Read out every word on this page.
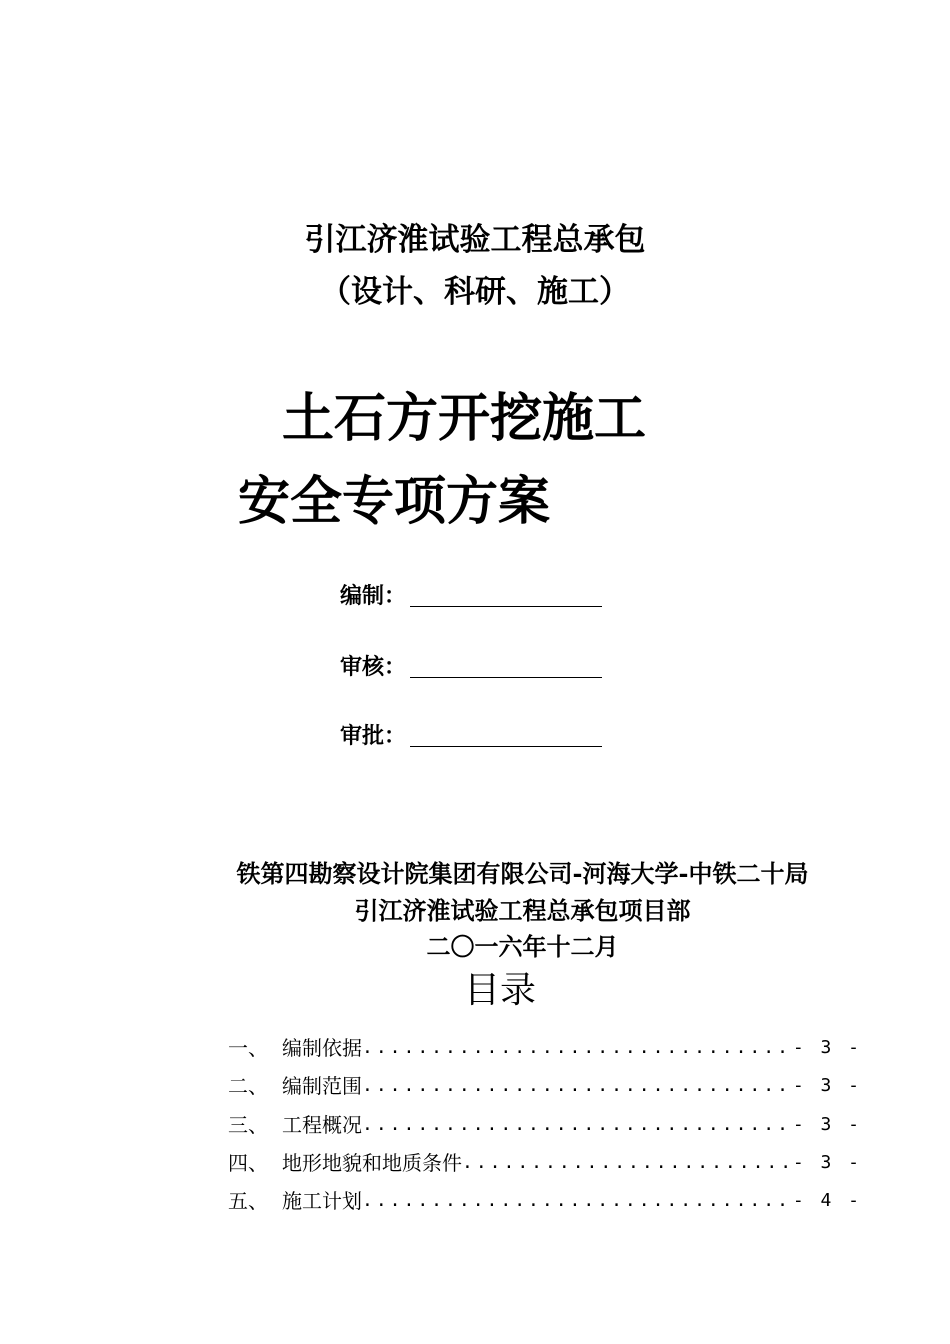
引江济淮试验工程总承包
（设计、科研、施工）
土石方开挖施工
安全专项方案
编制：
审核：
审批：
铁第四勘察设计院集团有限公司-河海大学-中铁二十局
引江济淮试验工程总承包项目部
二〇一六年十二月
目录
一、 编制依据 .....	- 3 -
二、 编制范围 .....	- 3 -
三、 工程概况 .....	- 3 -
四、 地形地貌和地质条件 .....	- 3 -
五、 施工计划 .....	- 4 -
